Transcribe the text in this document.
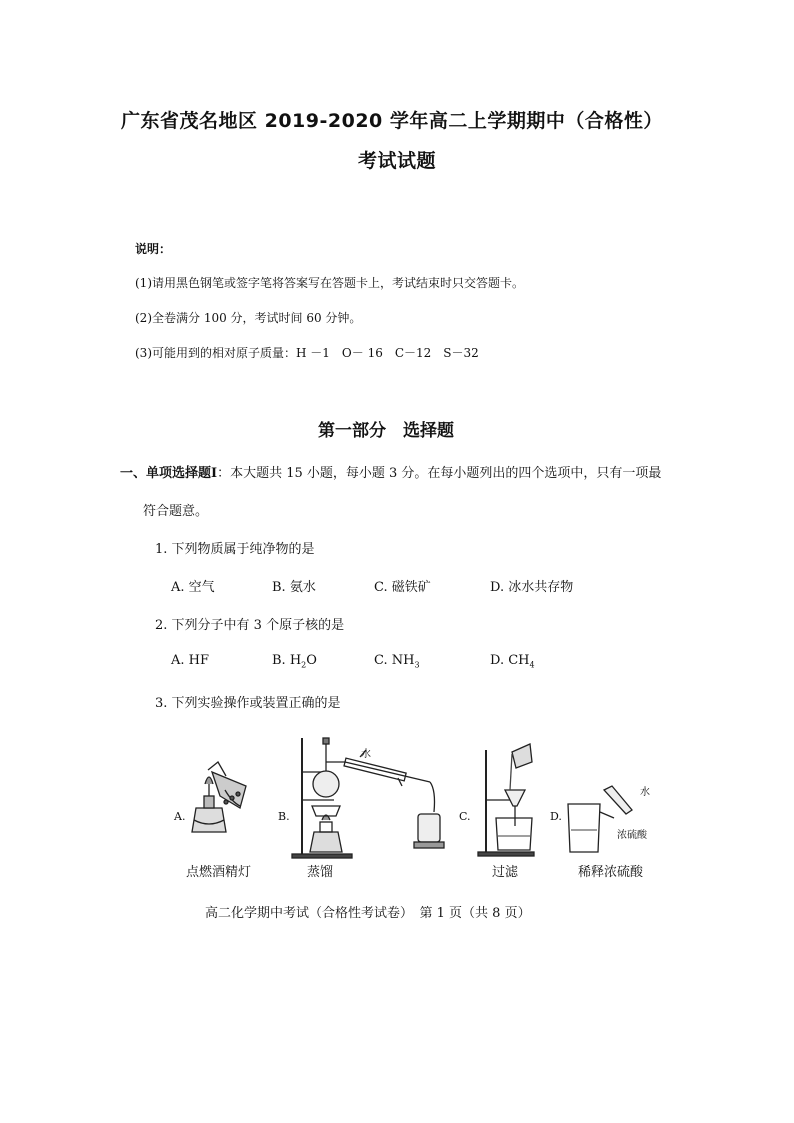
广东省茂名地区 2019-2020 学年高二上学期期中（合格性）
考试试题
说明：
(1)请用黑色钢笔或签字笔将答案写在答题卡上，考试结束时只交答题卡。
(2)全卷满分 100 分，考试时间 60 分钟。
(3)可能用到的相对原子质量：H －1　O－ 16　C－12　S－32
第一部分　选择题
一、单项选择题Ⅰ：本大题共 15 小题，每小题 3 分。在每小题列出的四个选项中，只有一项最
符合题意。
1. 下列物质属于纯净物的是
A. 空气	B. 氨水	C. 磁铁矿	D. 冰水共存物
2. 下列分子中有 3 个原子核的是
A. HF	B. $H_2O$	C. $NH_3$	D. $CH_4$
3. 下列实验操作或装置正确的是
A.	B.	C.	D.
水
水
浓硫酸
点燃酒精灯	蒸馏	过滤	稀释浓硫酸
高二化学期中考试（合格性考试卷）　第 1 页（共 8 页）
